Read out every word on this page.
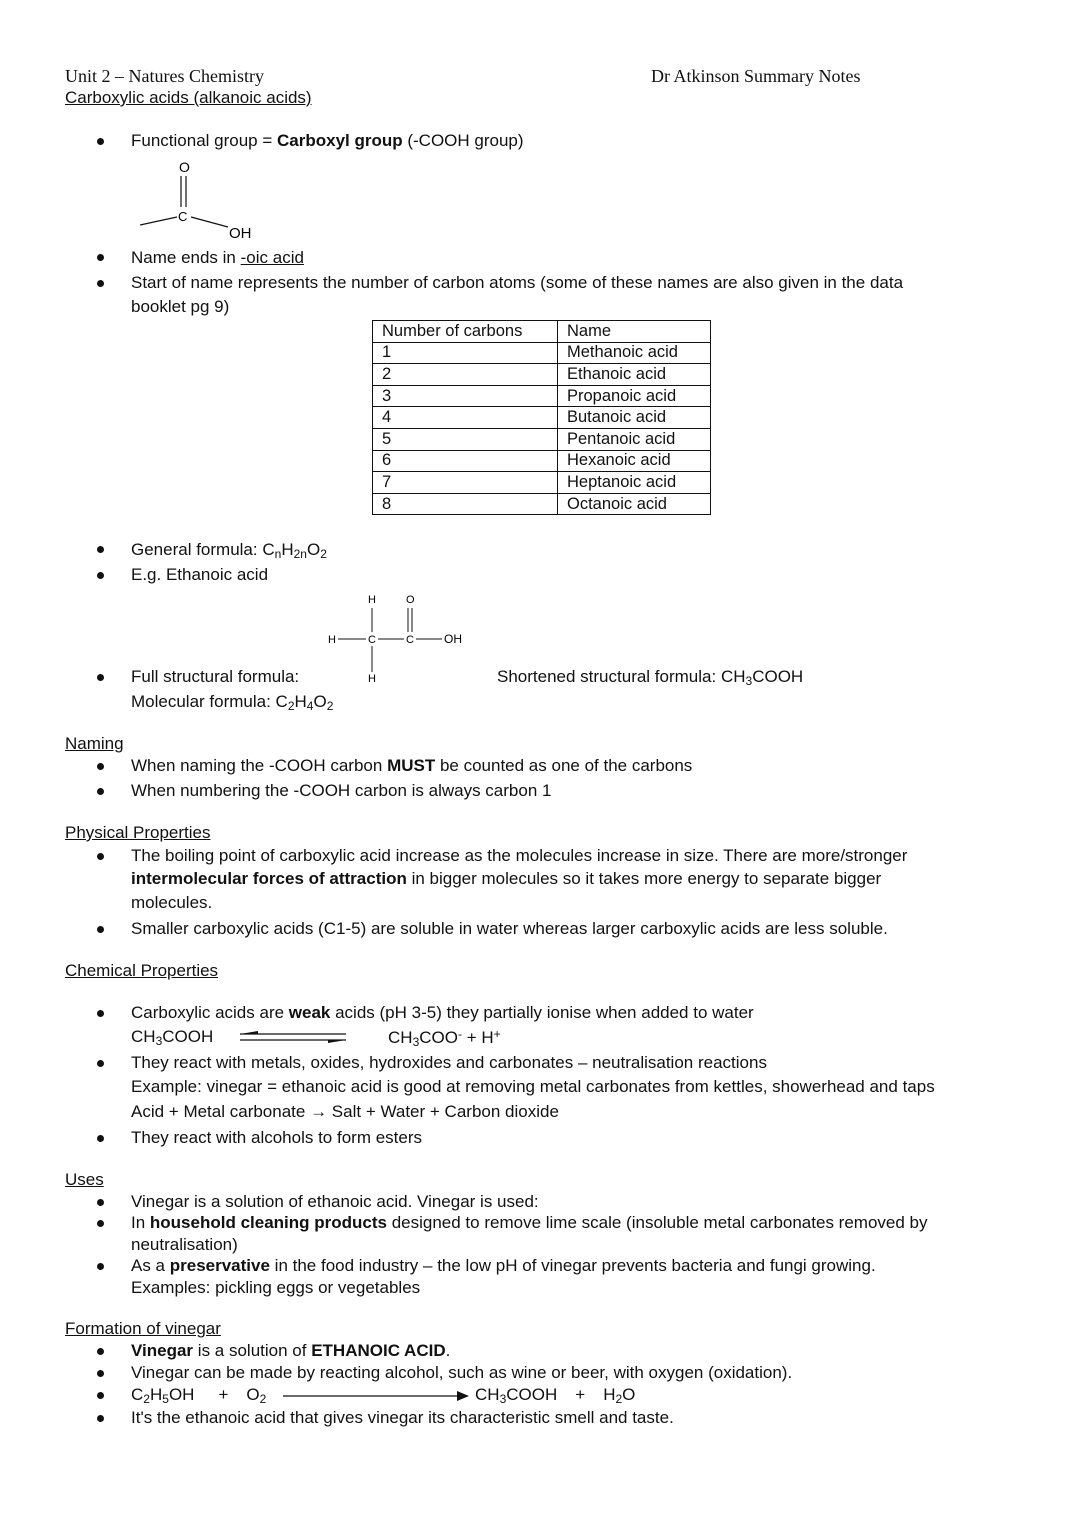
Unit 2 – Natures Chemistry
Carboxylic acids (alkanoic acids)
Dr Atkinson Summary Notes
Functional group = Carboxyl group (-COOH group)
O
C
OH
Name ends in -oic acid
Start of name represents the number of carbon atoms (some of these names are also given in the data
booklet pg 9)
Number of carbons	Name
1	Methanoic acid
2	Ethanoic acid
3	Propanoic acid
4	Butanoic acid
5	Pentanoic acid
6	Hexanoic acid
7	Heptanoic acid
8	Octanoic acid
General formula: $C_nH_{2n}O_2$
E.g. Ethanoic acid
H	O
H	C	C	OH
H
Full structural formula:
Molecular formula: $C_2H_4O_2$
Shortened structural formula: $CH_3COOH$
Naming
When naming the -COOH carbon MUST be counted as one of the carbons
When numbering the -COOH carbon is always carbon 1
Physical Properties
The boiling point of carboxylic acid increase as the molecules increase in size. There are more/stronger
intermolecular forces of attraction in bigger molecules so it takes more energy to separate bigger
molecules.
Smaller carboxylic acids (C1-5) are soluble in water whereas larger carboxylic acids are less soluble.
Chemical Properties
Carboxylic acids are weak acids (pH 3-5) they partially ionise when added to water
$CH_3COOH$	$CH_3COO^- + H^+$
They react with metals, oxides, hydroxides and carbonates – neutralisation reactions
Example: vinegar = ethanoic acid is good at removing metal carbonates from kettles, showerhead and taps
Acid + Metal carbonate → Salt + Water + Carbon dioxide
They react with alcohols to form esters
Uses
Vinegar is a solution of ethanoic acid. Vinegar is used:
In household cleaning products designed to remove lime scale (insoluble metal carbonates removed by
neutralisation)
As a preservative in the food industry – the low pH of vinegar prevents bacteria and fungi growing.
Examples: pickling eggs or vegetables
Formation of vinegar
Vinegar is a solution of ETHANOIC ACID.
Vinegar can be made by reacting alcohol, such as wine or beer, with oxygen (oxidation).
$C_2H_5OH + O_2$	$CH_3COOH + H_2O$
It's the ethanoic acid that gives vinegar its characteristic smell and taste.
